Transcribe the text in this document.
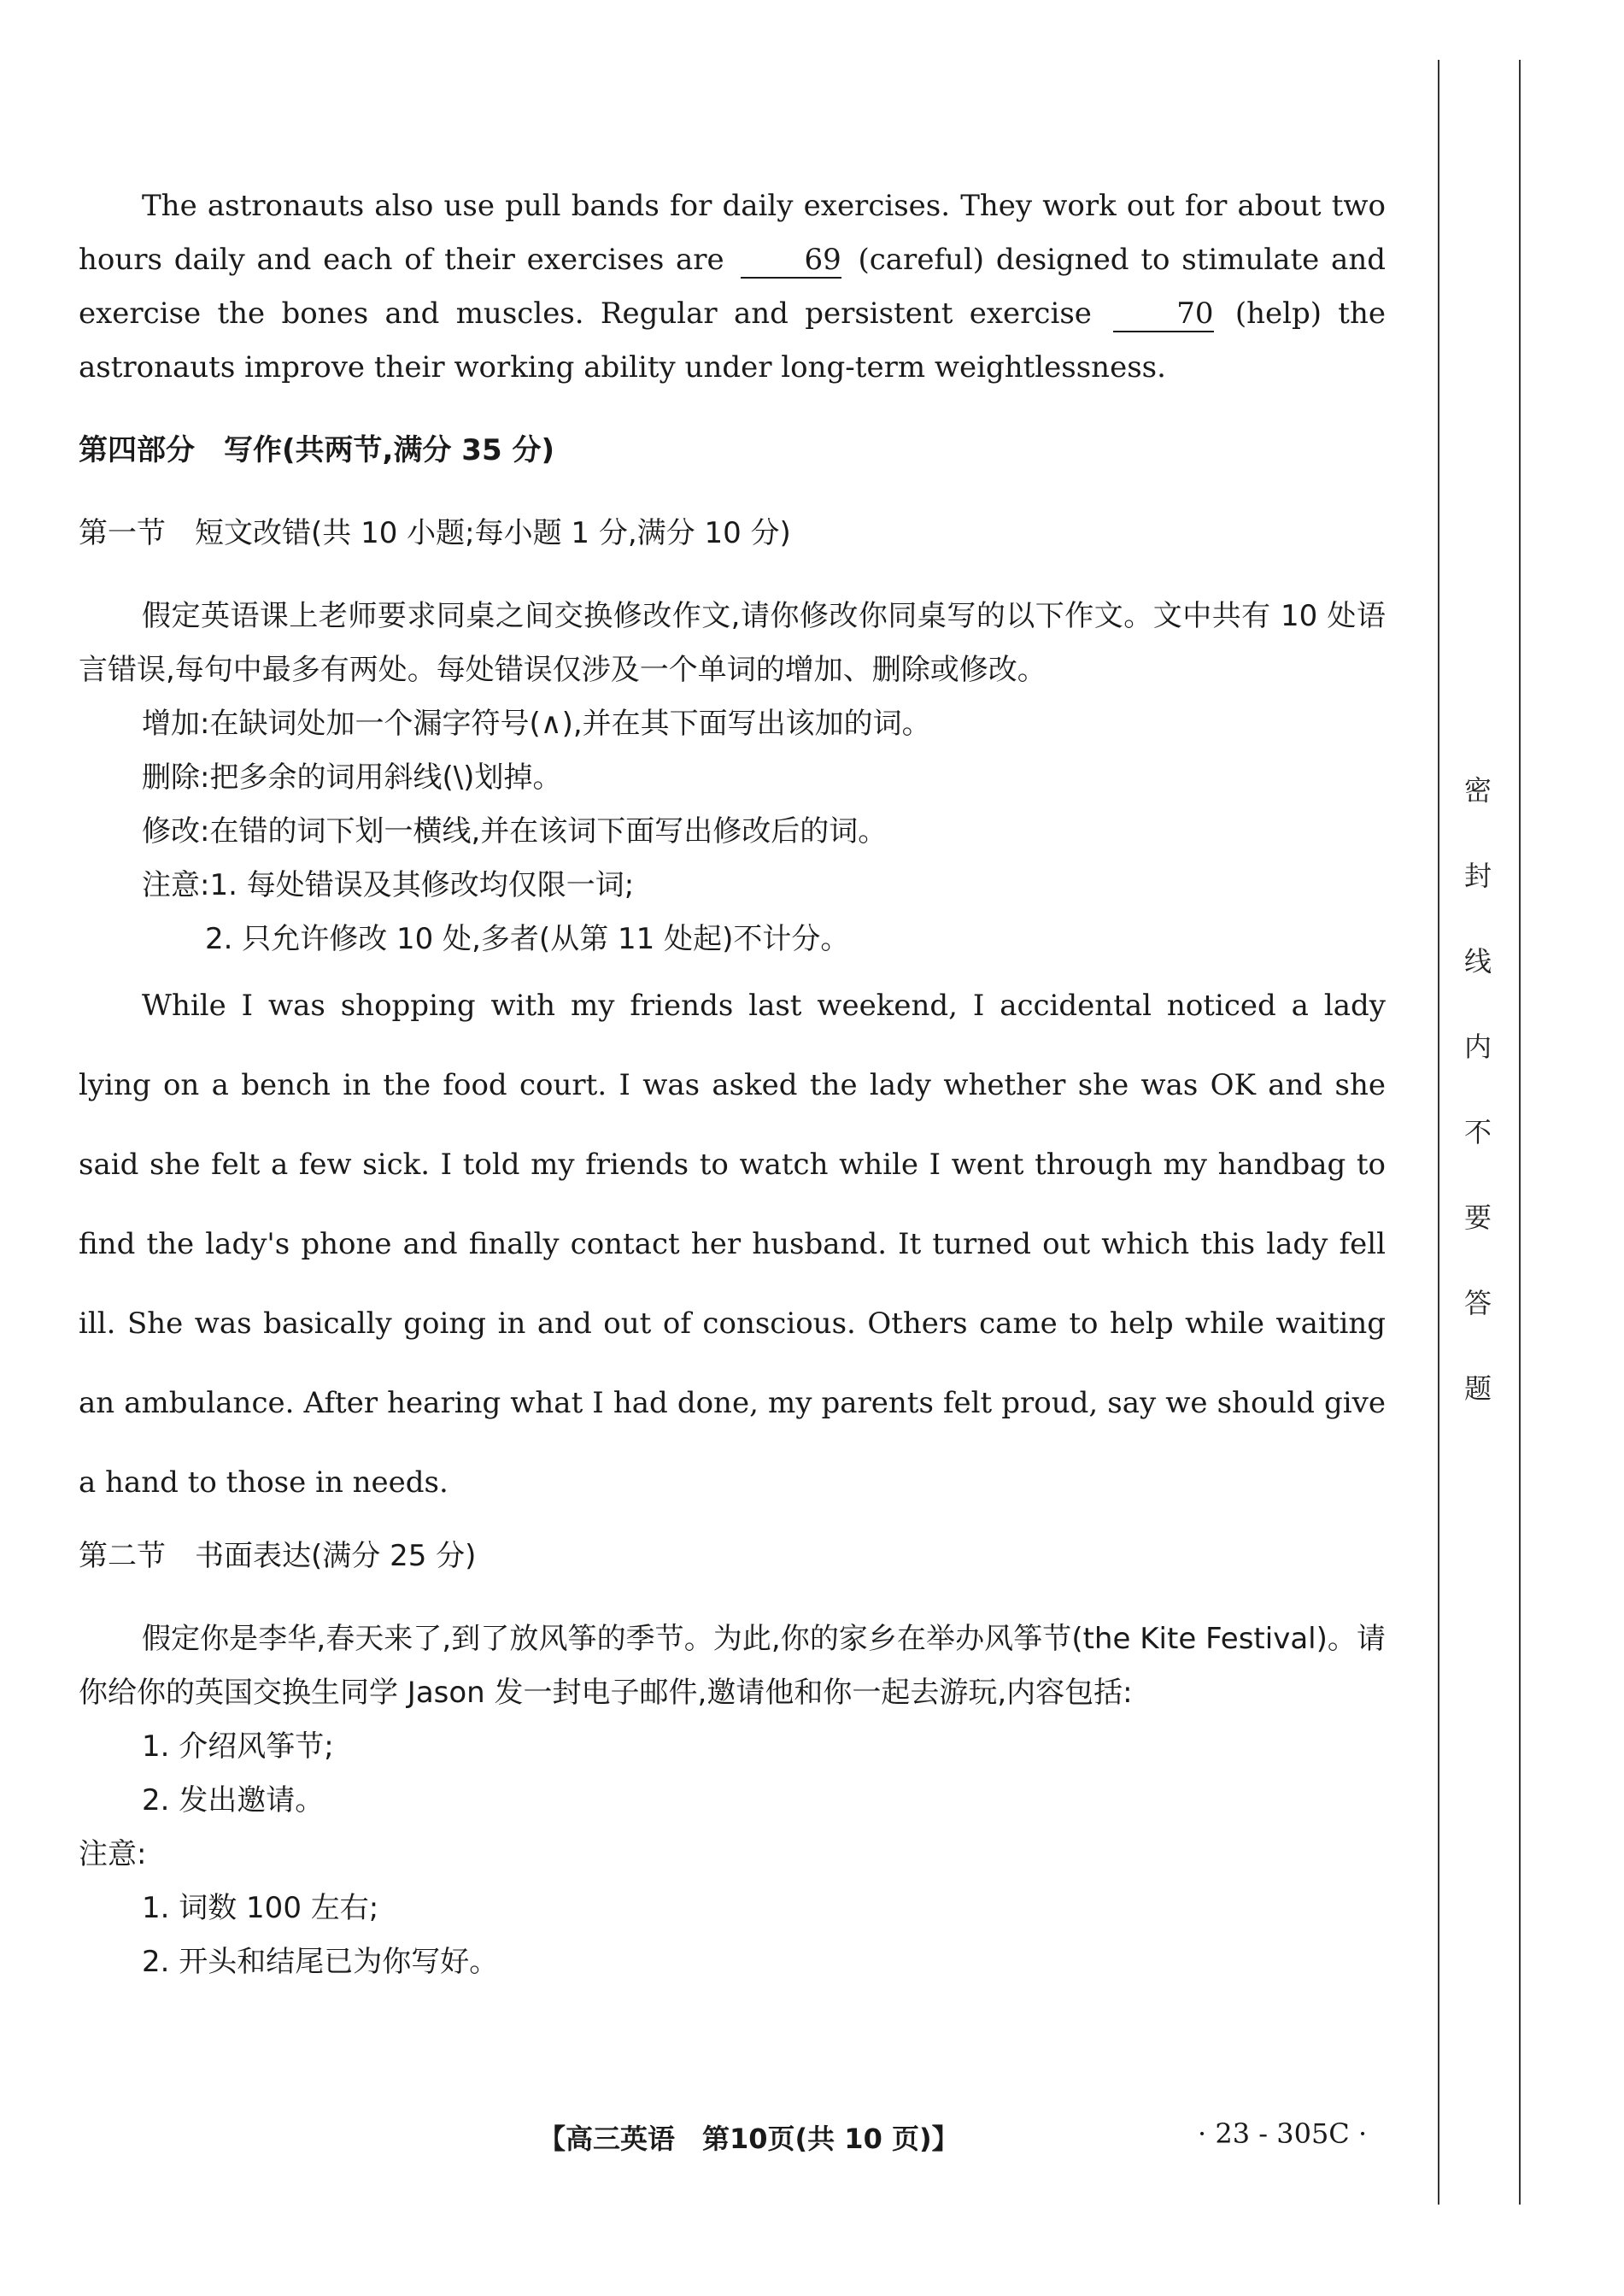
The astronauts also use pull bands for daily exercises. They work out for about two hours daily and each of their exercises are	69 (careful) designed to stimulate and exercise the bones and muscles. Regular and persistent exercise	70 (help) the astronauts improve their working ability under long-term weightlessness.

第四部分　写作(共两节,满分 35 分)

第一节　短文改错(共 10 小题;每小题 1 分,满分 10 分)

假定英语课上老师要求同桌之间交换修改作文,请你修改你同桌写的以下作文。文中共有 10 处语言错误,每句中最多有两处。每处错误仅涉及一个单词的增加、删除或修改。

增加:在缺词处加一个漏字符号(∧),并在其下面写出该加的词。

删除:把多余的词用斜线(\)划掉。

修改:在错的词下划一横线,并在该词下面写出修改后的词。

注意:1. 每处错误及其修改均仅限一词;

2. 只允许修改 10 处,多者(从第 11 处起)不计分。

While I was shopping with my friends last weekend, I accidental noticed a lady lying on a bench in the food court. I was asked the lady whether she was OK and she said she felt a few sick. I told my friends to watch while I went through my handbag to find the lady's phone and finally contact her husband. It turned out which this lady fell ill. She was basically going in and out of conscious. Others came to help while waiting an ambulance. After hearing what I had done, my parents felt proud, say we should give a hand to those in needs.

第二节　书面表达(满分 25 分)

假定你是李华,春天来了,到了放风筝的季节。为此,你的家乡在举办风筝节(the Kite Festival)。请你给你的英国交换生同学 Jason 发一封电子邮件,邀请他和你一起去游玩,内容包括:

1. 介绍风筝节;

2. 发出邀请。

注意:

1. 词数 100 左右;

2. 开头和结尾已为你写好。

密
封
线
内
不
要
答
题
【高三英语　第10页(共 10 页)】	· 23 - 305C ·
